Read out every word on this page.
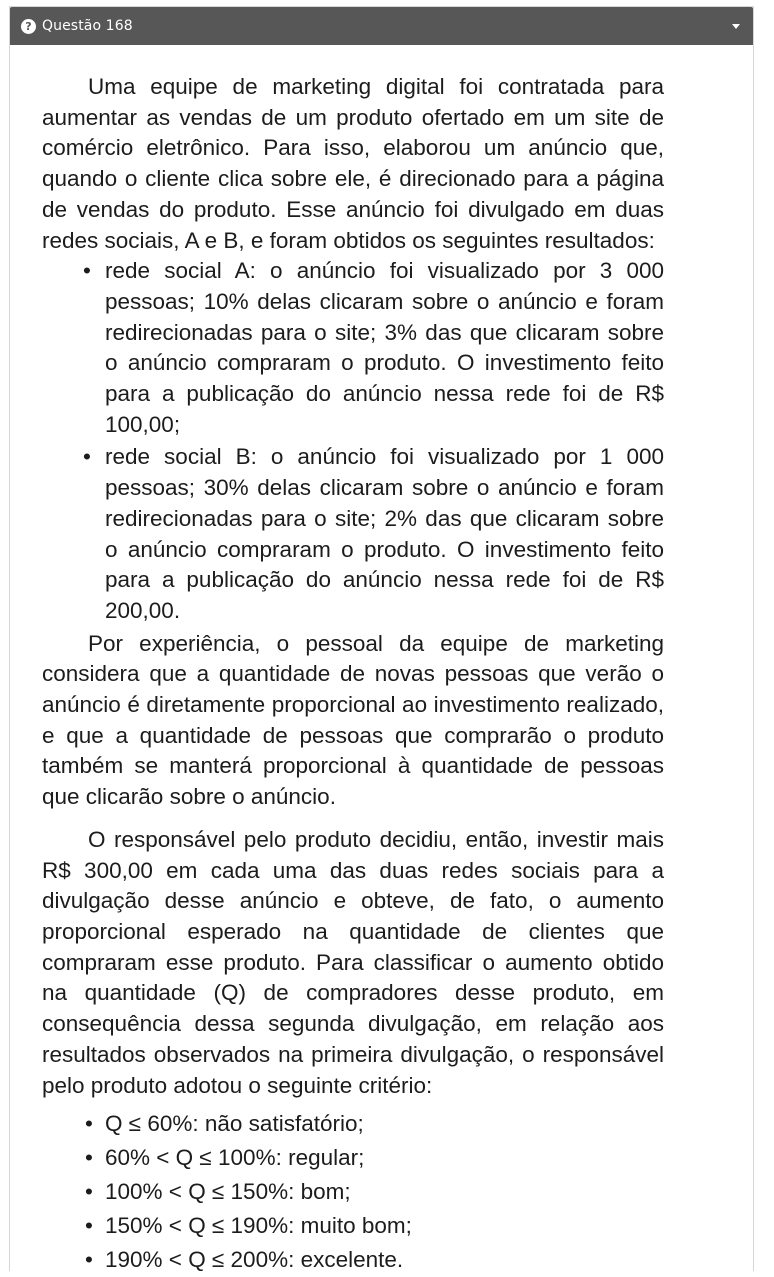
? Questão 168

Uma equipe de marketing digital foi contratada para aumentar as vendas de um produto ofertado em um site de comércio eletrônico. Para isso, elaborou um anúncio que, quando o cliente clica sobre ele, é direcionado para a página de vendas do produto. Esse anúncio foi divulgado em duas redes sociais, A e B, e foram obtidos os seguintes resultados:

• rede social A: o anúncio foi visualizado por 3 000 pessoas; 10% delas clicaram sobre o anúncio e foram redirecionadas para o site; 3% das que clicaram sobre o anúncio compraram o produto. O investimento feito para a publicação do anúncio nessa rede foi de R$ 100,00;
• rede social B: o anúncio foi visualizado por 1 000 pessoas; 30% delas clicaram sobre o anúncio e foram redirecionadas para o site; 2% das que clicaram sobre o anúncio compraram o produto. O investimento feito para a publicação do anúncio nessa rede foi de R$ 200,00.

Por experiência, o pessoal da equipe de marketing considera que a quantidade de novas pessoas que verão o anúncio é diretamente proporcional ao investimento realizado, e que a quantidade de pessoas que comprarão o produto também se manterá proporcional à quantidade de pessoas que clicarão sobre o anúncio.

O responsável pelo produto decidiu, então, investir mais R$ 300,00 em cada uma das duas redes sociais para a divulgação desse anúncio e obteve, de fato, o aumento proporcional esperado na quantidade de clientes que compraram esse produto. Para classificar o aumento obtido na quantidade (Q) de compradores desse produto, em consequência dessa segunda divulgação, em relação aos resultados observados na primeira divulgação, o responsável pelo produto adotou o seguinte critério:

• Q ≤ 60%: não satisfatório;
• 60% < Q ≤ 100%: regular;
• 100% < Q ≤ 150%: bom;
• 150% < Q ≤ 190%: muito bom;
• 190% < Q ≤ 200%: excelente.
